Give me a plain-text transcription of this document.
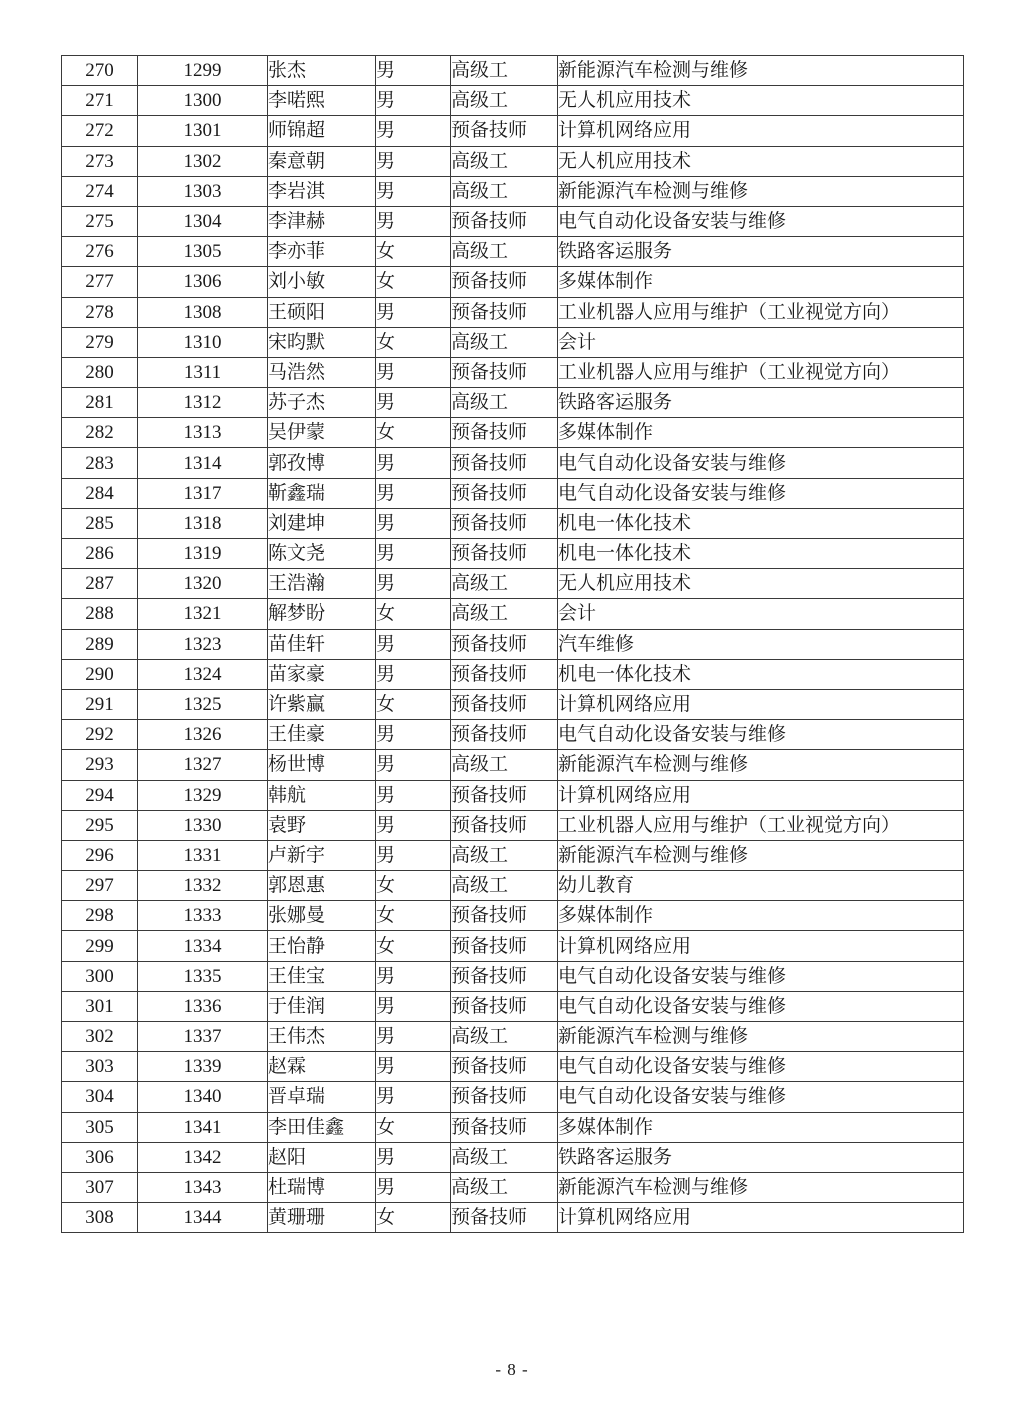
270	1299	张杰	男	高级工	新能源汽车检测与维修
271	1300	李喏熙	男	高级工	无人机应用技术
272	1301	师锦超	男	预备技师	计算机网络应用
273	1302	秦意朝	男	高级工	无人机应用技术
274	1303	李岩淇	男	高级工	新能源汽车检测与维修
275	1304	李津赫	男	预备技师	电气自动化设备安装与维修
276	1305	李亦菲	女	高级工	铁路客运服务
277	1306	刘小敏	女	预备技师	多媒体制作
278	1308	王硕阳	男	预备技师	工业机器人应用与维护（工业视觉方向）
279	1310	宋昀默	女	高级工	会计
280	1311	马浩然	男	预备技师	工业机器人应用与维护（工业视觉方向）
281	1312	苏子杰	男	高级工	铁路客运服务
282	1313	吴伊蒙	女	预备技师	多媒体制作
283	1314	郭孜博	男	预备技师	电气自动化设备安装与维修
284	1317	靳鑫瑞	男	预备技师	电气自动化设备安装与维修
285	1318	刘建坤	男	预备技师	机电一体化技术
286	1319	陈文尧	男	预备技师	机电一体化技术
287	1320	王浩瀚	男	高级工	无人机应用技术
288	1321	解梦盼	女	高级工	会计
289	1323	苗佳轩	男	预备技师	汽车维修
290	1324	苗家豪	男	预备技师	机电一体化技术
291	1325	许紫赢	女	预备技师	计算机网络应用
292	1326	王佳豪	男	预备技师	电气自动化设备安装与维修
293	1327	杨世博	男	高级工	新能源汽车检测与维修
294	1329	韩航	男	预备技师	计算机网络应用
295	1330	袁野	男	预备技师	工业机器人应用与维护（工业视觉方向）
296	1331	卢新宇	男	高级工	新能源汽车检测与维修
297	1332	郭恩惠	女	高级工	幼儿教育
298	1333	张娜曼	女	预备技师	多媒体制作
299	1334	王怡静	女	预备技师	计算机网络应用
300	1335	王佳宝	男	预备技师	电气自动化设备安装与维修
301	1336	于佳润	男	预备技师	电气自动化设备安装与维修
302	1337	王伟杰	男	高级工	新能源汽车检测与维修
303	1339	赵霖	男	预备技师	电气自动化设备安装与维修
304	1340	晋卓瑞	男	预备技师	电气自动化设备安装与维修
305	1341	李田佳鑫	女	预备技师	多媒体制作
306	1342	赵阳	男	高级工	铁路客运服务
307	1343	杜瑞博	男	高级工	新能源汽车检测与维修
308	1344	黄珊珊	女	预备技师	计算机网络应用
- 8 -
